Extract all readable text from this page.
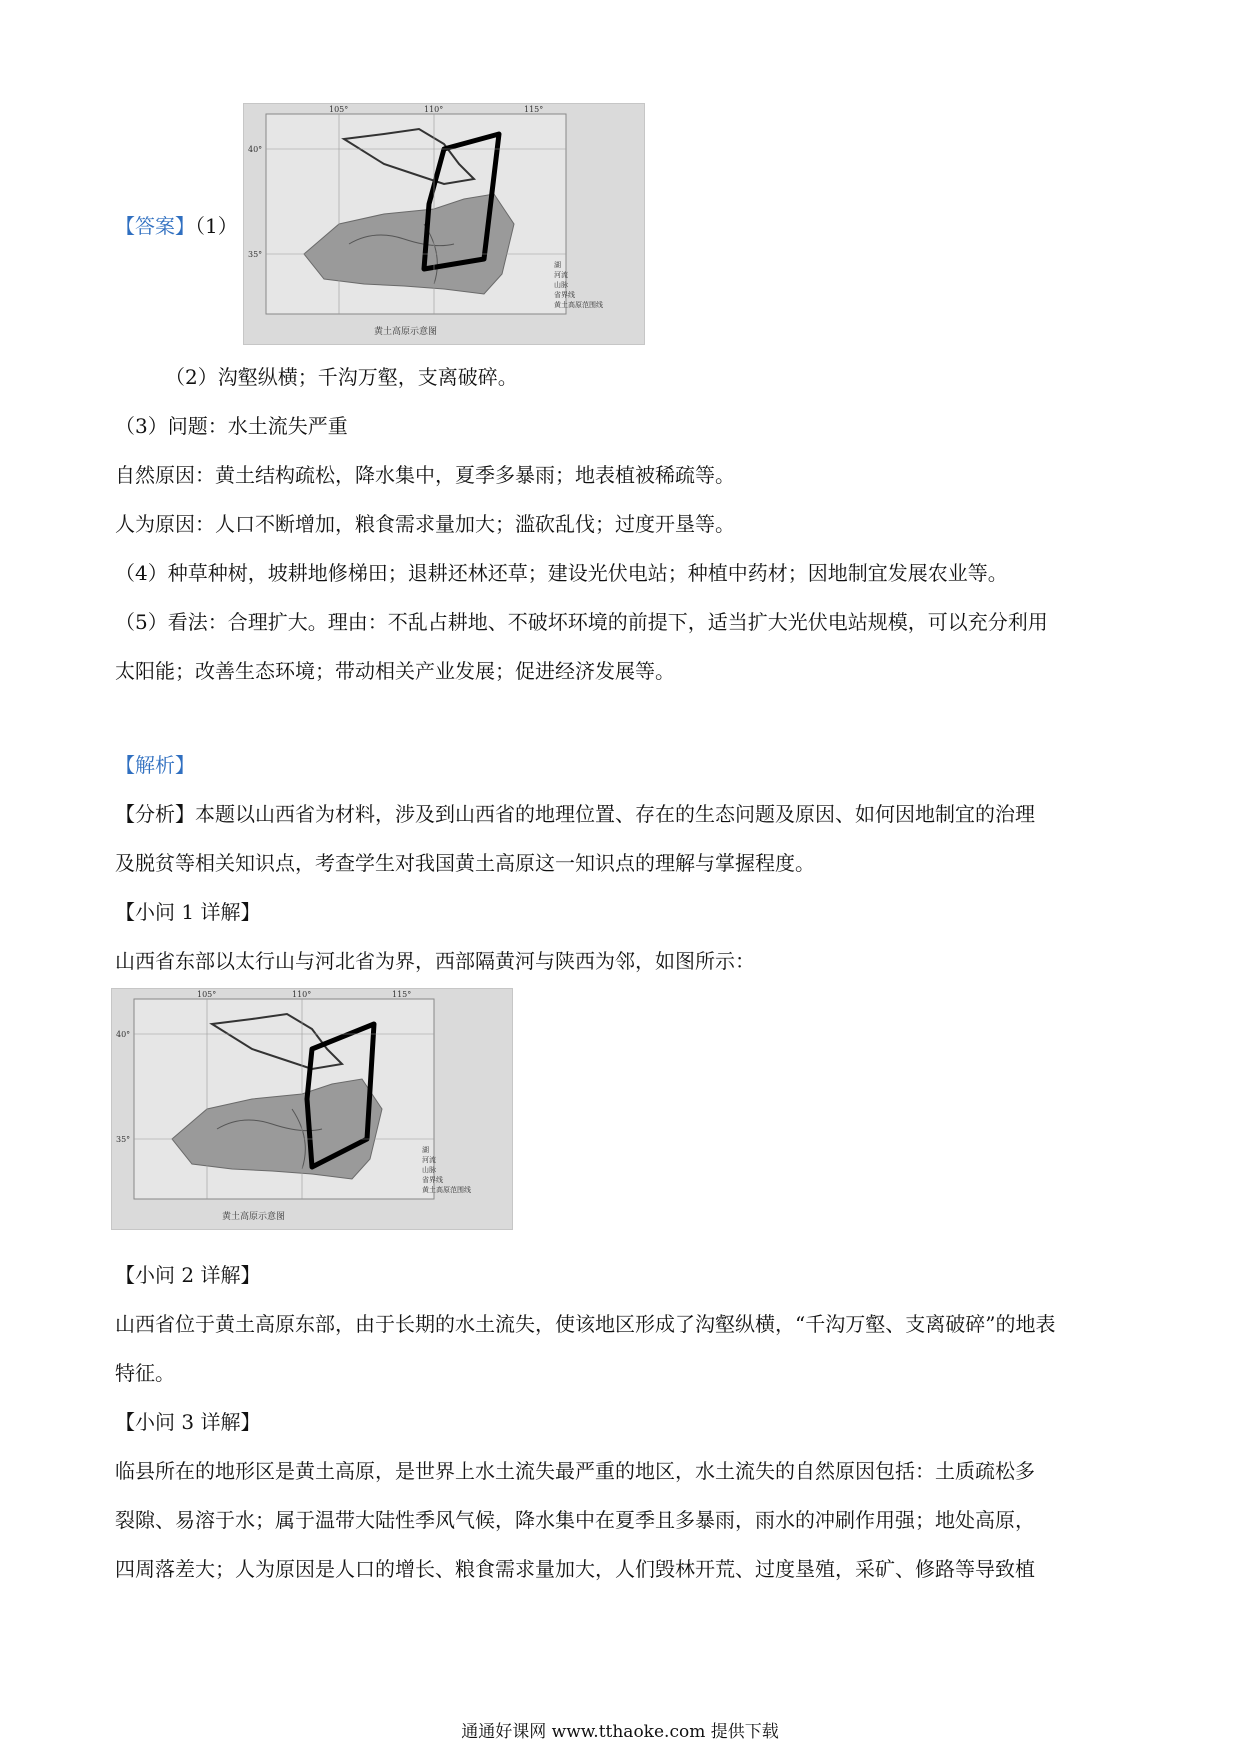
【答案】（1）
105°	110°	115°
40°
35°
湖
河流
山脉
省界线
黄土高原范围线
黄土高原示意图
（2）沟壑纵横；千沟万壑，支离破碎。
（3）问题：水土流失严重
自然原因：黄土结构疏松，降水集中，夏季多暴雨；地表植被稀疏等。
人为原因：人口不断增加，粮食需求量加大；滥砍乱伐；过度开垦等。
（4）种草种树，坡耕地修梯田；退耕还林还草；建设光伏电站；种植中药材；因地制宜发展农业等。
（5）看法：合理扩大。理由：不乱占耕地、不破坏环境的前提下，适当扩大光伏电站规模，可以充分利用
太阳能；改善生态环境；带动相关产业发展；促进经济发展等。
【解析】
【分析】本题以山西省为材料，涉及到山西省的地理位置、存在的生态问题及原因、如何因地制宜的治理
及脱贫等相关知识点，考查学生对我国黄土高原这一知识点的理解与掌握程度。
【小问 1 详解】
山西省东部以太行山与河北省为界，西部隔黄河与陕西为邻，如图所示：
105°	110°	115°
40°
35°
湖
河流
山脉
省界线
黄土高原范围线
黄土高原示意图
【小问 2 详解】
山西省位于黄土高原东部，由于长期的水土流失，使该地区形成了沟壑纵横，“千沟万壑、支离破碎”的地表
特征。
【小问 3 详解】
临县所在的地形区是黄土高原，是世界上水土流失最严重的地区，水土流失的自然原因包括：土质疏松多
裂隙、易溶于水；属于温带大陆性季风气候，降水集中在夏季且多暴雨，雨水的冲刷作用强；地处高原，
四周落差大；人为原因是人口的增长、粮食需求量加大，人们毁林开荒、过度垦殖，采矿、修路等导致植
通通好课网 www.tthaoke.com 提供下载
